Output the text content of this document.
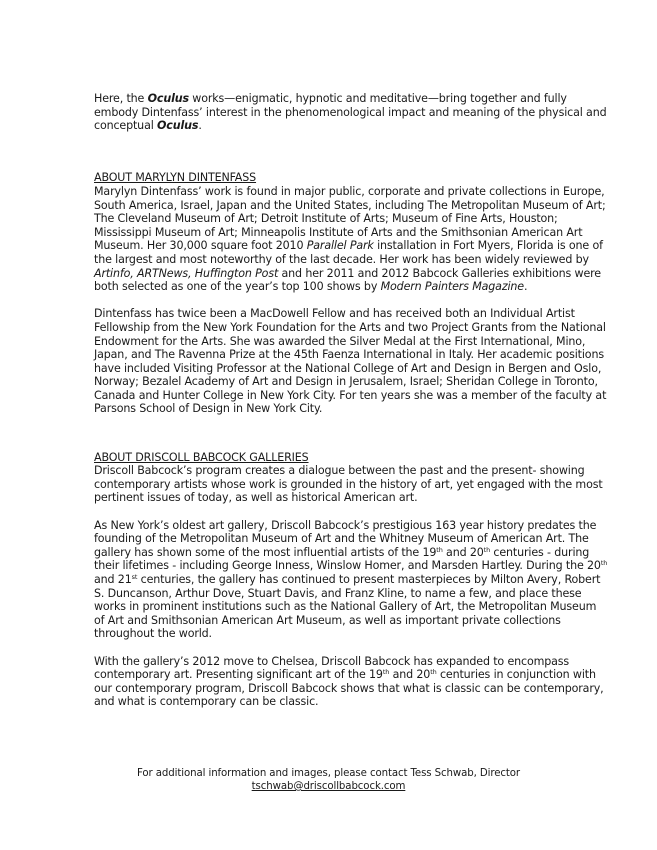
Here, the Oculus works—enigmatic, hypnotic and meditative—bring together and fully embody Dintenfass’ interest in the phenomenological impact and meaning of the physical and conceptual Oculus.

ABOUT MARYLYN DINTENFASS

Marylyn Dintenfass’ work is found in major public, corporate and private collections in Europe, South America, Israel, Japan and the United States, including The Metropolitan Museum of Art; The Cleveland Museum of Art; Detroit Institute of Arts; Museum of Fine Arts, Houston; Mississippi Museum of Art; Minneapolis Institute of Arts and the Smithsonian American Art Museum. Her 30,000 square foot 2010 Parallel Park installation in Fort Myers, Florida is one of the largest and most noteworthy of the last decade. Her work has been widely reviewed by Artinfo, ARTNews, Huffington Post and her 2011 and 2012 Babcock Galleries exhibitions were both selected as one of the year’s top 100 shows by Modern Painters Magazine.

Dintenfass has twice been a MacDowell Fellow and has received both an Individual Artist Fellowship from the New York Foundation for the Arts and two Project Grants from the National Endowment for the Arts. She was awarded the Silver Medal at the First International, Mino, Japan, and The Ravenna Prize at the 45th Faenza International in Italy. Her academic positions have included Visiting Professor at the National College of Art and Design in Bergen and Oslo, Norway; Bezalel Academy of Art and Design in Jerusalem, Israel; Sheridan College in Toronto, Canada and Hunter College in New York City. For ten years she was a member of the faculty at Parsons School of Design in New York City.

ABOUT DRISCOLL BABCOCK GALLERIES

Driscoll Babcock’s program creates a dialogue between the past and the present- showing contemporary artists whose work is grounded in the history of art, yet engaged with the most pertinent issues of today, as well as historical American art.

As New York’s oldest art gallery, Driscoll Babcock’s prestigious 163 year history predates the founding of the Metropolitan Museum of Art and the Whitney Museum of American Art. The gallery has shown some of the most influential artists of the 19th and 20th centuries - during their lifetimes - including George Inness, Winslow Homer, and Marsden Hartley. During the 20th and 21st centuries, the gallery has continued to present masterpieces by Milton Avery, Robert S. Duncanson, Arthur Dove, Stuart Davis, and Franz Kline, to name a few, and place these works in prominent institutions such as the National Gallery of Art, the Metropolitan Museum of Art and Smithsonian American Art Museum, as well as important private collections throughout the world.

With the gallery’s 2012 move to Chelsea, Driscoll Babcock has expanded to encompass contemporary art. Presenting significant art of the 19th and 20th centuries in conjunction with our contemporary program, Driscoll Babcock shows that what is classic can be contemporary, and what is contemporary can be classic.

For additional information and images, please contact Tess Schwab, Director
tschwab@driscollbabcock.com
